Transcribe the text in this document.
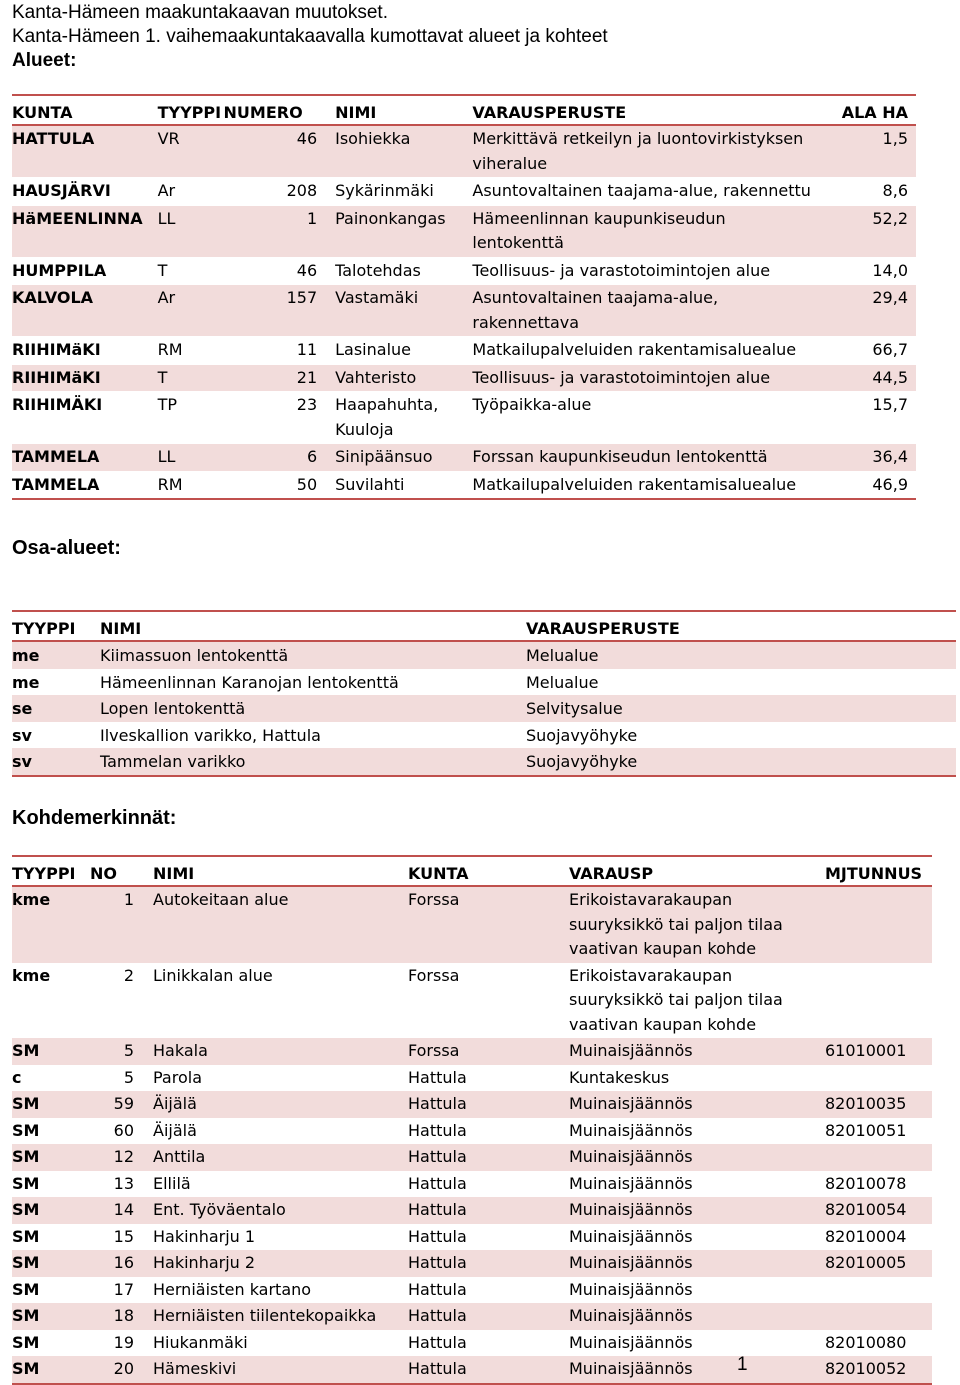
Kanta-Hämeen maakuntakaavan muutokset.
Kanta-Hämeen 1. vaihemaakuntakaavalla kumottavat alueet ja kohteet
Alueet:
KUNTA	TYYPPI	NUMERO	NIMI	VARAUSPERUSTE	ALA HA
HATTULA	VR	46	Isohiekka	Merkittävä retkeilyn ja luontovirkistyksen viheralue	1,5
HAUSJÄRVI	Ar	208	Sykärinmäki	Asuntovaltainen taajama-alue, rakennettu	8,6
HäMEENLINNA	LL	1	Painonkangas	Hämeenlinnan kaupunkiseudun lentokenttä	52,2
HUMPPILA	T	46	Talotehdas	Teollisuus- ja varastotoimintojen alue	14,0
KALVOLA	Ar	157	Vastamäki	Asuntovaltainen taajama-alue, rakennettava	29,4
RIIHIMäKI	RM	11	Lasinalue	Matkailupalveluiden rakentamisaluealue	66,7
RIIHIMäKI	T	21	Vahteristo	Teollisuus- ja varastotoimintojen alue	44,5
RIIHIMÄKI	TP	23	Haapahuhta, Kuuloja	Työpaikka-alue	15,7
TAMMELA	LL	6	Sinipäänsuo	Forssan kaupunkiseudun lentokenttä	36,4
TAMMELA	RM	50	Suvilahti	Matkailupalveluiden rakentamisaluealue	46,9
Osa-alueet:
TYYPPI	NIMI	VARAUSPERUSTE
me	Kiimassuon lentokenttä	Melualue
me	Hämeenlinnan Karanojan lentokenttä	Melualue
se	Lopen lentokenttä	Selvitysalue
sv	Ilveskallion varikko, Hattula	Suojavyöhyke
sv	Tammelan varikko	Suojavyöhyke
Kohdemerkinnät:
TYYPPI	NO	NIMI	KUNTA	VARAUSP	MJTUNNUS
kme	1	Autokeitaan alue	Forssa	Erikoistavarakaupan suuryksikkö tai paljon tilaa vaativan kaupan kohde	
kme	2	Linikkalan alue	Forssa	Erikoistavarakaupan suuryksikkö tai paljon tilaa vaativan kaupan kohde	
SM	5	Hakala	Forssa	Muinaisjäännös	61010001
c	5	Parola	Hattula	Kuntakeskus	
SM	59	Äijälä	Hattula	Muinaisjäännös	82010035
SM	60	Äijälä	Hattula	Muinaisjäännös	82010051
SM	12	Anttila	Hattula	Muinaisjäännös	
SM	13	Ellilä	Hattula	Muinaisjäännös	82010078
SM	14	Ent. Työväentalo	Hattula	Muinaisjäännös	82010054
SM	15	Hakinharju 1	Hattula	Muinaisjäännös	82010004
SM	16	Hakinharju 2	Hattula	Muinaisjäännös	82010005
SM	17	Herniäisten kartano	Hattula	Muinaisjäännös	
SM	18	Herniäisten tiilentekopaikka	Hattula	Muinaisjäännös	
SM	19	Hiukanmäki	Hattula	Muinaisjäännös	82010080
SM	20	Hämeskivi	Hattula	Muinaisjäännös	82010052
1
